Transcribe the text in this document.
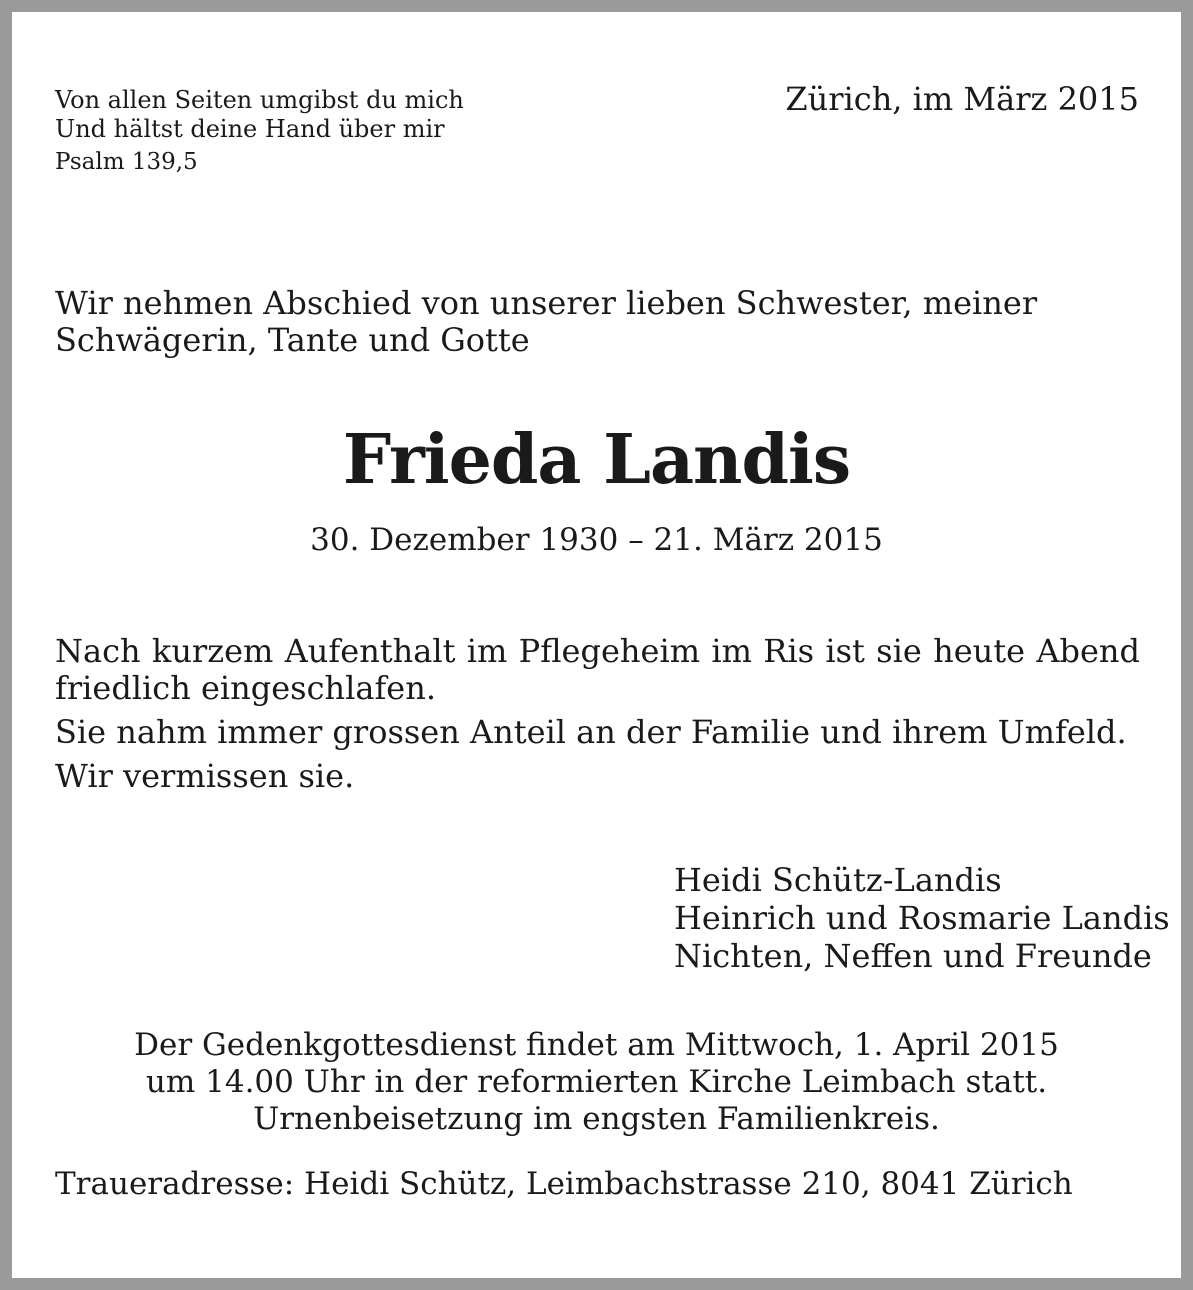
Von allen Seiten umgibst du mich
Und hältst deine Hand über mir
Psalm 139,5
Zürich, im März 2015
Wir nehmen Abschied von unserer lieben Schwester, meiner Schwägerin, Tante und Gotte
Frieda Landis
30. Dezember 1930 – 21. März 2015

Nach kurzem Aufenthalt im Pflegeheim im Ris ist sie heute Abend friedlich eingeschlafen.

Sie nahm immer grossen Anteil an der Familie und ihrem Umfeld.

Wir vermissen sie.

Heidi Schütz-Landis
Heinrich und Rosmarie Landis
Nichten, Neffen und Freunde
Der Gedenkgottesdienst findet am Mittwoch, 1. April 2015
um 14.00 Uhr in der reformierten Kirche Leimbach statt.
Urnenbeisetzung im engsten Familienkreis.
Traueradresse: Heidi Schütz, Leimbachstrasse 210, 8041 Zürich
